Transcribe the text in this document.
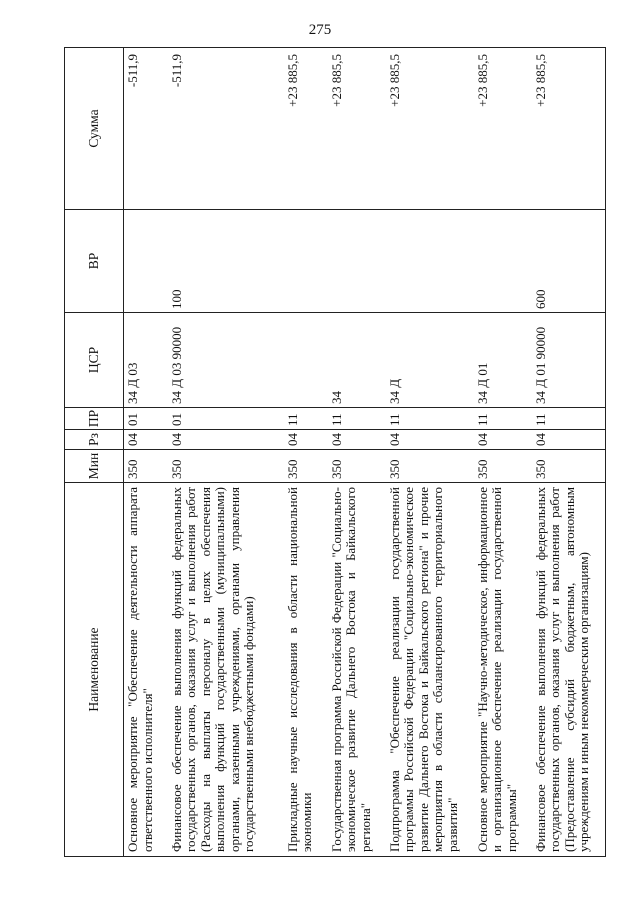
275
Наименование	Мин	Рз	ПР	ЦСР	ВР	Сумма
Основное мероприятие "Обеспечение деятельности аппарата ответственного исполнителя"	350	04	01	34 Д 03		-511,9
Финансовое обеспечение выполнения функций федеральных государственных органов, оказания услуг и выполнения работ (Расходы на выплаты персоналу в целях обеспечения выполнения функций государственными (муниципальными) органами, казенными учреждениями, органами управления государственными внебюджетными фондами)	350	04	01	34 Д 03 90000	100	-511,9
Прикладные научные исследования в области национальной экономики	350	04	11			+23 885,5
Государственная программа Российской Федерации "Социально-экономическое развитие Дальнего Востока и Байкальского региона"	350	04	11	34		+23 885,5
Подпрограмма "Обеспечение реализации государственной программы Российской Федерации "Социально-экономическое развитие Дальнего Востока и Байкальского региона" и прочие мероприятия в области сбалансированного территориального развития"	350	04	11	34 Д		+23 885,5
Основное мероприятие "Научно-методическое, информационное и организационное обеспечение реализации государственной программы"	350	04	11	34 Д 01		+23 885,5
Финансовое обеспечение выполнения функций федеральных государственных органов, оказания услуг и выполнения работ (Предоставление субсидий бюджетным, автономным учреждениям и иным некоммерческим организациям)	350	04	11	34 Д 01 90000	600	+23 885,5
